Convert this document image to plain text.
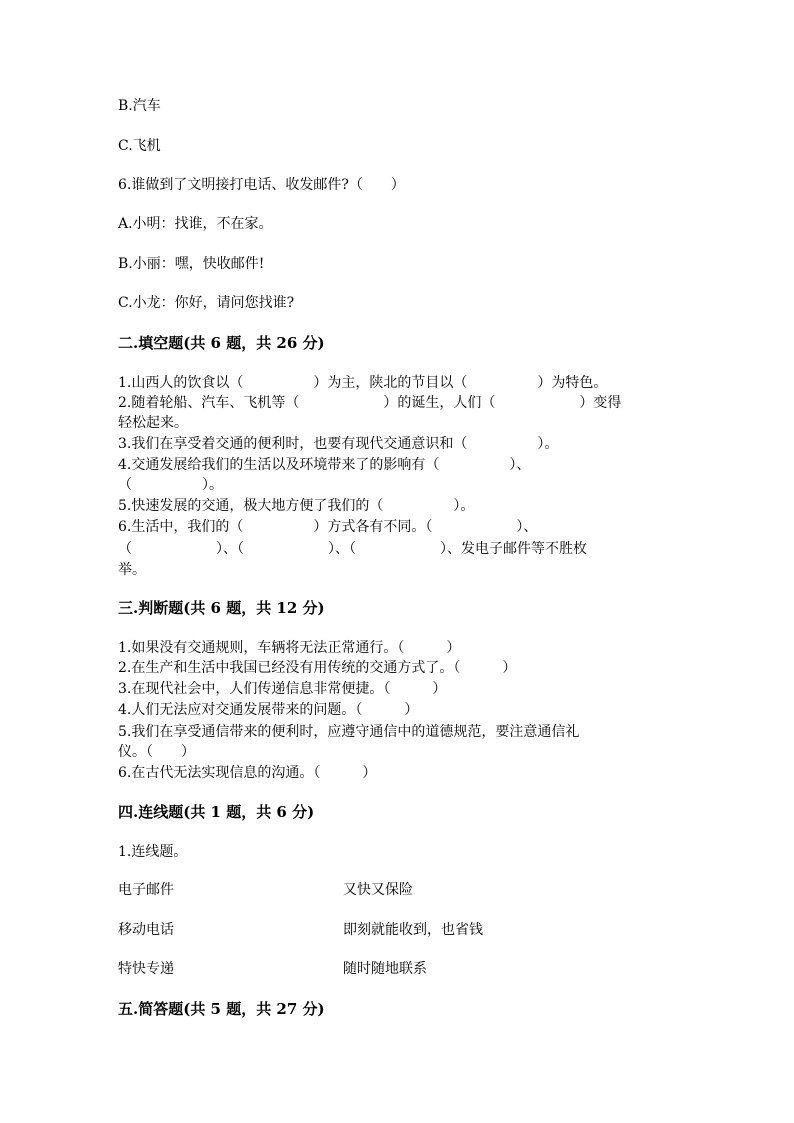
B.汽车
C.飞机
6.谁做到了文明接打电话、收发邮件?（　　）
A.小明：找谁，不在家。
B.小丽：嘿，快收邮件!
C.小龙：你好，请问您找谁?
二.填空题(共 6 题，共 26 分)
1.山西人的饮食以（　　　　　）为主，陕北的节目以（　　　　　）为特色。
2.随着轮船、汽车、飞机等（　　　　　　）的诞生，人们（　　　　　　）变得
轻松起来。
3.我们在享受着交通的便利时，也要有现代交通意识和（　　　　　）。
4.交通发展给我们的生活以及环境带来了的影响有（　　　　　）、
（　　　　　）。
5.快速发展的交通，极大地方便了我们的（　　　　　）。
6.生活中，我们的（　　　　　）方式各有不同。（　　　　　　）、
（　　　　　　）、（　　　　　　）、（　　　　　　）、发电子邮件等不胜枚
举。
三.判断题(共 6 题，共 12 分)
1.如果没有交通规则，车辆将无法正常通行。（　　　）
2.在生产和生活中我国已经没有用传统的交通方式了。（　　　）
3.在现代社会中，人们传递信息非常便捷。（　　　）
4.人们无法应对交通发展带来的问题。（　　　）
5.我们在享受通信带来的便利时，应遵守通信中的道德规范，要注意通信礼
仪。（　　）
6.在古代无法实现信息的沟通。（　　　）
四.连线题(共 1 题，共 6 分)
1.连线题。
电子邮件	又快又保险
移动电话	即刻就能收到，也省钱
特快专递	随时随地联系
五.简答题(共 5 题，共 27 分)
